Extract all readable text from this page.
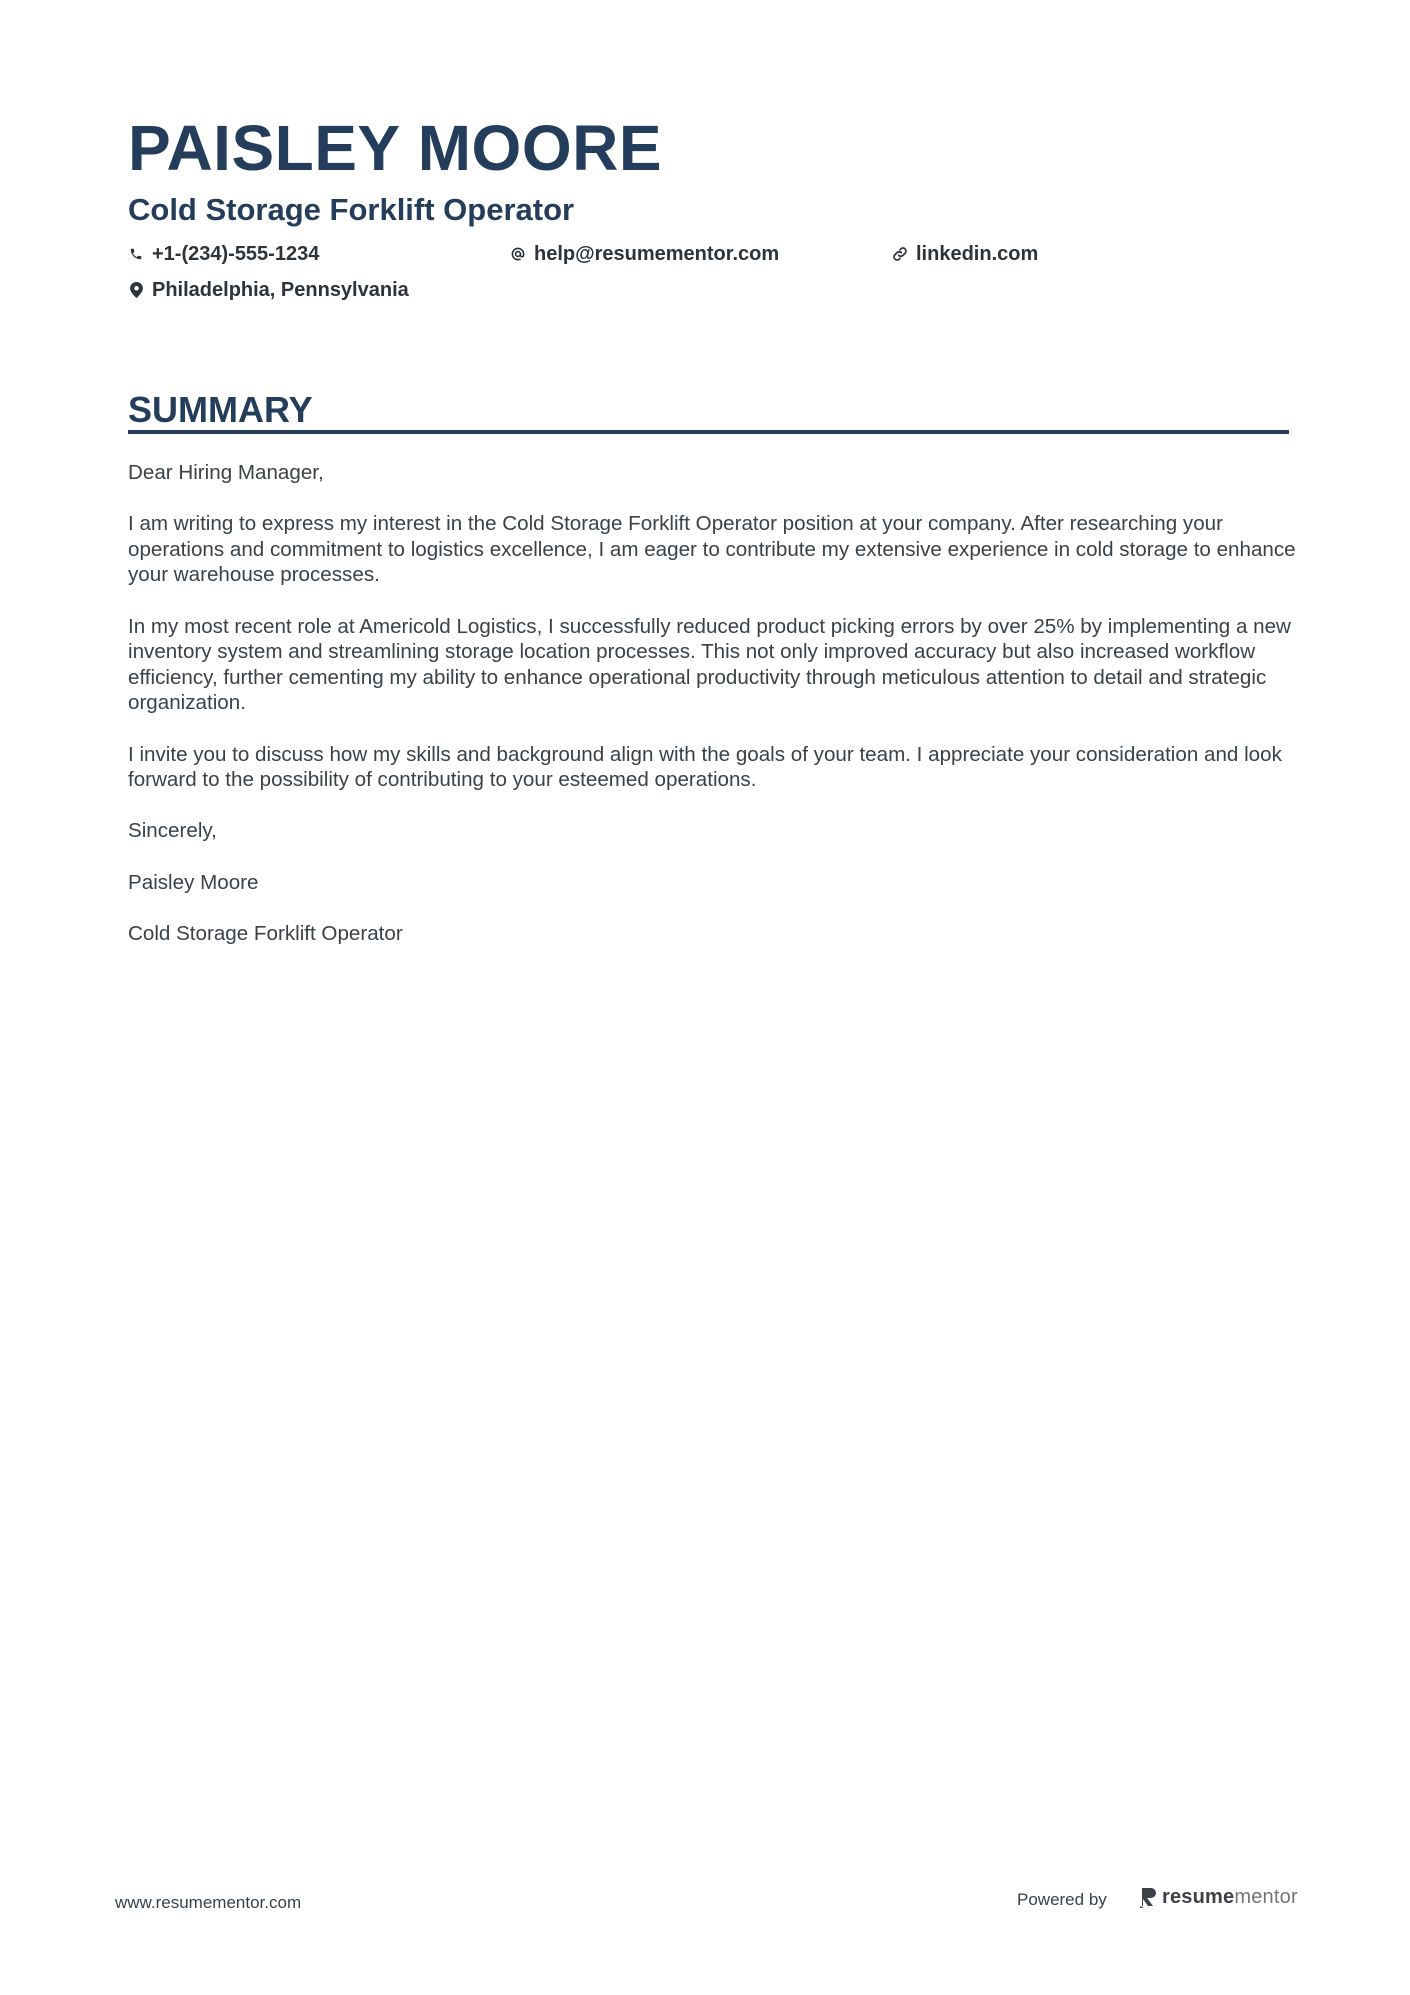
PAISLEY MOORE
Cold Storage Forklift Operator
+1-(234)-555-1234	help@resumementor.com	linkedin.com
Philadelphia, Pennsylvania
SUMMARY

Dear Hiring Manager,

I am writing to express my interest in the Cold Storage Forklift Operator position at your company. After researching your operations and commitment to logistics excellence, I am eager to contribute my extensive experience in cold storage to enhance your warehouse processes.

In my most recent role at Americold Logistics, I successfully reduced product picking errors by over 25% by implementing a new inventory system and streamlining storage location processes. This not only improved accuracy but also increased workflow efficiency, further cementing my ability to enhance operational productivity through meticulous attention to detail and strategic organization.

I invite you to discuss how my skills and background align with the goals of your team. I appreciate your consideration and look forward to the possibility of contributing to your esteemed operations.

Sincerely,

Paisley Moore

Cold Storage Forklift Operator

www.resumementor.com	Powered by	resumementor
